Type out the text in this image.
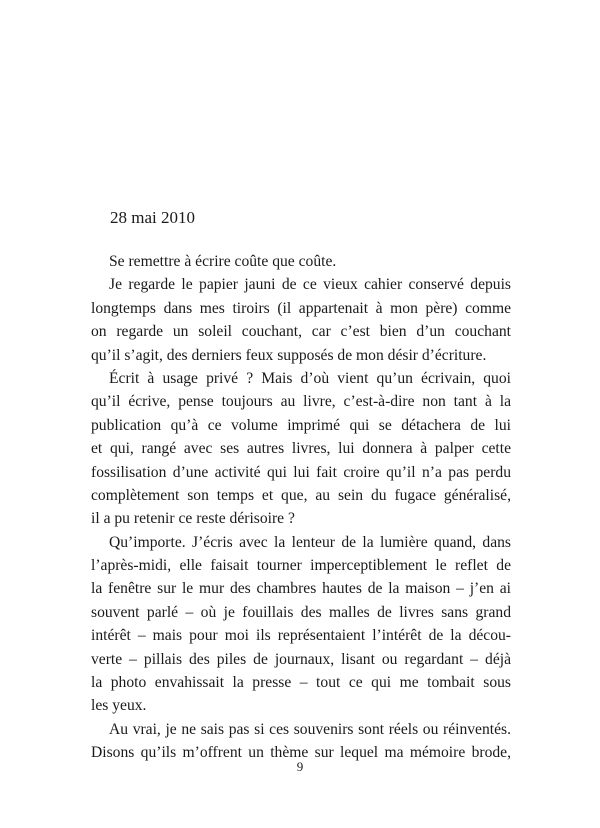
28 mai 2010
Se remettre à écrire coûte que coûte.
Je regarde le papier jauni de ce vieux cahier conservé depuis
longtemps dans mes tiroirs (il appartenait à mon père) comme
on regarde un soleil couchant, car c’est bien d’un couchant
qu’il s’agit, des derniers feux supposés de mon désir d’écriture.
Écrit à usage privé ? Mais d’où vient qu’un écrivain, quoi
qu’il écrive, pense toujours au livre, c’est-à-dire non tant à la
publication qu’à ce volume imprimé qui se détachera de lui
et qui, rangé avec ses autres livres, lui donnera à palper cette
fossilisation d’une activité qui lui fait croire qu’il n’a pas perdu
complètement son temps et que, au sein du fugace généralisé,
il a pu retenir ce reste dérisoire ?
Qu’importe. J’écris avec la lenteur de la lumière quand, dans
l’après-midi, elle faisait tourner imperceptiblement le reflet de
la fenêtre sur le mur des chambres hautes de la maison – j’en ai
souvent parlé – où je fouillais des malles de livres sans grand
intérêt – mais pour moi ils représentaient l’intérêt de la décou-
verte – pillais des piles de journaux, lisant ou regardant – déjà
la photo envahissait la presse – tout ce qui me tombait sous
les yeux.
Au vrai, je ne sais pas si ces souvenirs sont réels ou réinventés.
Disons qu’ils m’offrent un thème sur lequel ma mémoire brode,
9
